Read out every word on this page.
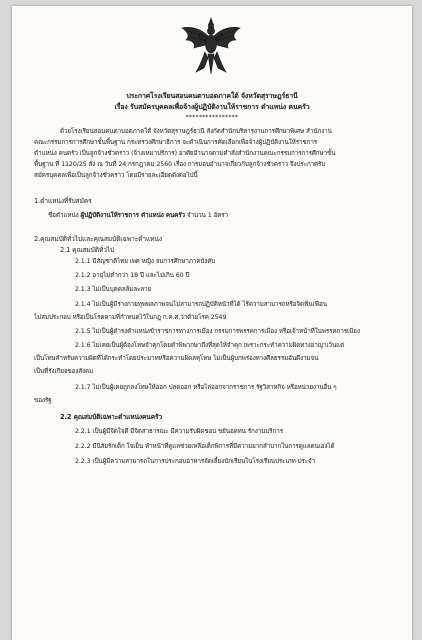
ประกาศโรงเรียนสอนคนตาบอดภาคใต้ จังหวัดสุราษฎร์ธานี
เรื่อง รับสมัครบุคคลเพื่อจ้างผู้ปฏิบัติงานให้ราชการ ตำแหน่ง คนครัว
****************
ด้วยโรงเรียนสอนคนตาบอดภาคใต้ จังหวัดสุราษฎร์ธานี สังกัดสำนักบริหารงานการศึกษาพิเศษ สำนักงาน
คณะกรรมการการศึกษาขั้นพื้นฐาน กระทรวงศึกษาธิการ จะดำเนินการคัดเลือกเพื่อจ้างผู้ปฏิบัติงานให้ราชการ
ตำแหน่ง คนครัว เป็นลูกจ้างชั่วคราว (จ้างเหมาบริการ) อาศัยอำนาจตามคำสั่งสำนักงานคณะกรรมการการศึกษาขั้น
พื้นฐาน ที่ 1120/25 สั่ง ณ วันที่ 24 กรกฎาคม 2560 เรื่อง การมอบอำนาจเกี่ยวกับลูกจ้างชั่วคราว จึงประกาศรับ
สมัครบุคคลเพื่อเป็นลูกจ้างชั่วคราว โดยมีรายละเอียดดังต่อไปนี้
1.ตำแหน่งที่รับสมัคร
ชื่อตำแหน่ง ผู้ปฏิบัติงานให้ราชการ ตำแหน่ง คนครัว จำนวน 1 อัตรา
2.คุณสมบัติทั่วไปและคุณสมบัติเฉพาะตำแหน่ง
2.1 คุณสมบัติทั่วไป
2.1.1 มีสัญชาติไทย เพศ หญิง จบการศึกษาภาคบังคับ
2.1.2 อายุไม่ต่ำกว่า 18 ปี และไม่เกิน 60 ปี
2.1.3 ไม่เป็นบุคคลล้มละลาย
2.1.4 ไม่เป็นผู้มีร่างกายทุพพลภาพจนไม่สามารถปฏิบัติหน้าที่ได้ ไร้ความสามารถหรือจิตฟั่นเฟือน
ไม่สมประกอบ หรือเป็นโรคตามที่กำหนดไว้ในกฎ ก.ค.ศ.ว่าด้วยโรค 2549
2.1.5 ไม่เป็นผู้ดำรงตำแหน่งข้าราชการทางการเมือง กรรมการพรรคการเมือง หรือเจ้าหน้าที่ในพรรคการเมือง
2.1.6 ไม่เคยเป็นผู้ต้องโทษจำคุกโดยคำพิพากษาถึงที่สุดให้จำคุก เพราะกระทำความผิดทางอาญาเว้นแต่
เป็นโทษสำหรับความผิดที่ได้กระทำโดยประมาทหรือความผิดลหุโทษ ไม่เป็นผู้บกพร่องทางศีลธรรมอันดีงามจน
เป็นที่รังเกียจของสังคม
2.1.7 ไม่เป็นผู้เคยถูกลงโทษให้ออก ปลดออก หรือไล่ออกจากราชการ รัฐวิสาหกิจ หรือหน่วยงานอื่น ๆ
ของรัฐ
2.2 คุณสมบัติเฉพาะตำแหน่งคนครัว
2.2.1 เป็นผู้มีจิตใจดี มีจิตสาธารณะ มีความรับผิดชอบ ขยันอดทน รักงานบริการ
2.2.2 มีนิสัยรักเด็ก ใจเย็น ทำหน้าที่ดูแลช่วยเหลือเด็กพิการที่มีความยากลำบากในการดูแลตนเองได้
2.2.3 เป็นผู้มีความสามารถในการประกอบอาหารจัดเลี้ยงนักเรียนในโรงเรียนประเภท ประจำ
